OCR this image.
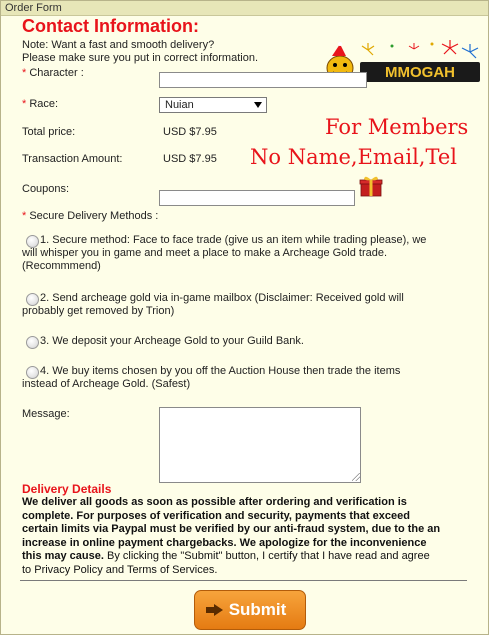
Order Form
Contact Information:
Note: Want a fast and smooth delivery?
Please make sure you put in correct information.
MMOGAH
* Character :
* Race:	Nuian
Total price:	USD $7.95
Transaction Amount:	USD $7.95
For Members
No Name,Email,Tel
Coupons:
* Secure Delivery Methods :
1. Secure method: Face to face trade (give us an item while trading please), we
will whisper you in game and meet a place to make a Archeage Gold trade.
(Recommmend)
2. Send archeage gold via in-game mailbox (Disclaimer: Received gold will
probably get removed by Trion)
3. We deposit your Archeage Gold to your Guild Bank.
4. We buy items chosen by you off the Auction House then trade the items
instead of Archeage Gold. (Safest)
Message:
Delivery Details
We deliver all goods as soon as possible after ordering and verification is
complete. For purposes of verification and security, payments that exceed
certain limits via Paypal must be verified by our anti-fraud system, due to the an
increase in online payment chargebacks. We apologize for the inconvenience
this may cause. By clicking the "Submit" button, I certify that I have read and agree
to Privacy Policy and Terms of Services.
Submit
